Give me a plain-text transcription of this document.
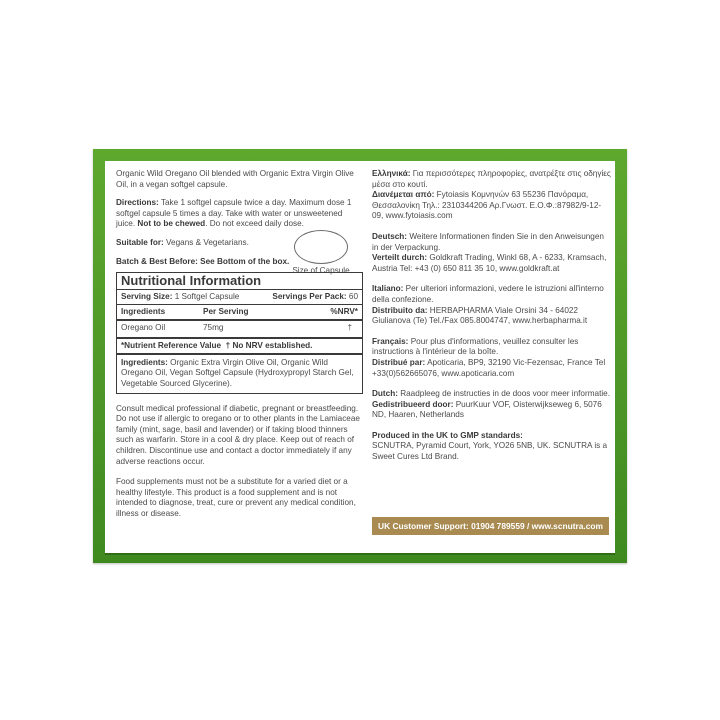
Organic Wild Oregano Oil blended with Organic Extra Virgin Olive Oil, in a vegan softgel capsule.

Directions: Take 1 softgel capsule twice a day. Maximum dose 1 softgel capsule 5 times a day. Take with water or unsweetened juice. Not to be chewed. Do not exceed daily dose.

Suitable for: Vegans & Vegetarians.

Batch & Best Before: See Bottom of the box.

Nutritional Information
Serving Size: 1 Softgel Capsule	Servings Per Pack: 60
Ingredients	Per Serving	%NRV*
Oregano Oil	75mg	†
*Nutrient Reference Value  † No NRV established.
Ingredients: Organic Extra Virgin Olive Oil, Organic Wild Oregano Oil, Vegan Softgel Capsule (Hydroxypropyl Starch Gel, Vegetable Sourced Glycerine).

Consult medical professional if diabetic, pregnant or breastfeeding. Do not use if allergic to oregano or to other plants in the Lamiaceae family (mint, sage, basil and lavender) or if taking blood thinners such as warfarin. Store in a cool & dry place. Keep out of reach of children. Discontinue use and contact a doctor immediately if any adverse reactions occur.

Food supplements must not be a substitute for a varied diet or a healthy lifestyle. This product is a food supplement and is not intended to diagnose, treat, cure or prevent any medical condition, illness or disease.

Size of Capsule

Ελληνικά: Για περισσότερες πληροφορίες, ανατρέξτε στις οδηγίες μέσα στο κουτί.

Διανέμεται από: Fytoiasis Κομνηνών 63 55236 Πανόραμα, Θεσσαλονίκη Τηλ.: 2310344206 Αρ.Γνωστ. Ε.Ο.Φ.:87982/9-12-09, www.fytoiasis.com

Deutsch: Weitere Informationen finden Sie in den Anweisungen in der Verpackung.

Verteilt durch: Goldkraft Trading, Winkl 68, A - 6233, Kramsach, Austria Tel: +43 (0) 650 811 35 10, www.goldkraft.at

Italiano: Per ulteriori informazioni, vedere le istruzioni all'interno della confezione.

Distribuito da: HERBAPHARMA Viale Orsini 34 - 64022 Giulianova (Te) Tel./Fax 085.8004747, www.herbapharma.it

Français: Pour plus d'informations, veuillez consulter les instructions à l'intérieur de la boîte.

Distribué par: Apoticaria, BP9, 32190 Vic-Fezensac, France Tel +33(0)562665076, www.apoticaria.com

Dutch: Raadpleeg de instructies in de doos voor meer informatie.

Gedistribueerd door: PuurKuur VOF, Oisterwijkseweg 6, 5076 ND, Haaren, Netherlands

Produced in the UK to GMP standards:
SCNUTRA, Pyramid Court, York, YO26 5NB, UK. SCNUTRA is a Sweet Cures Ltd Brand.

UK Customer Support: 01904 789559 / www.scnutra.com
